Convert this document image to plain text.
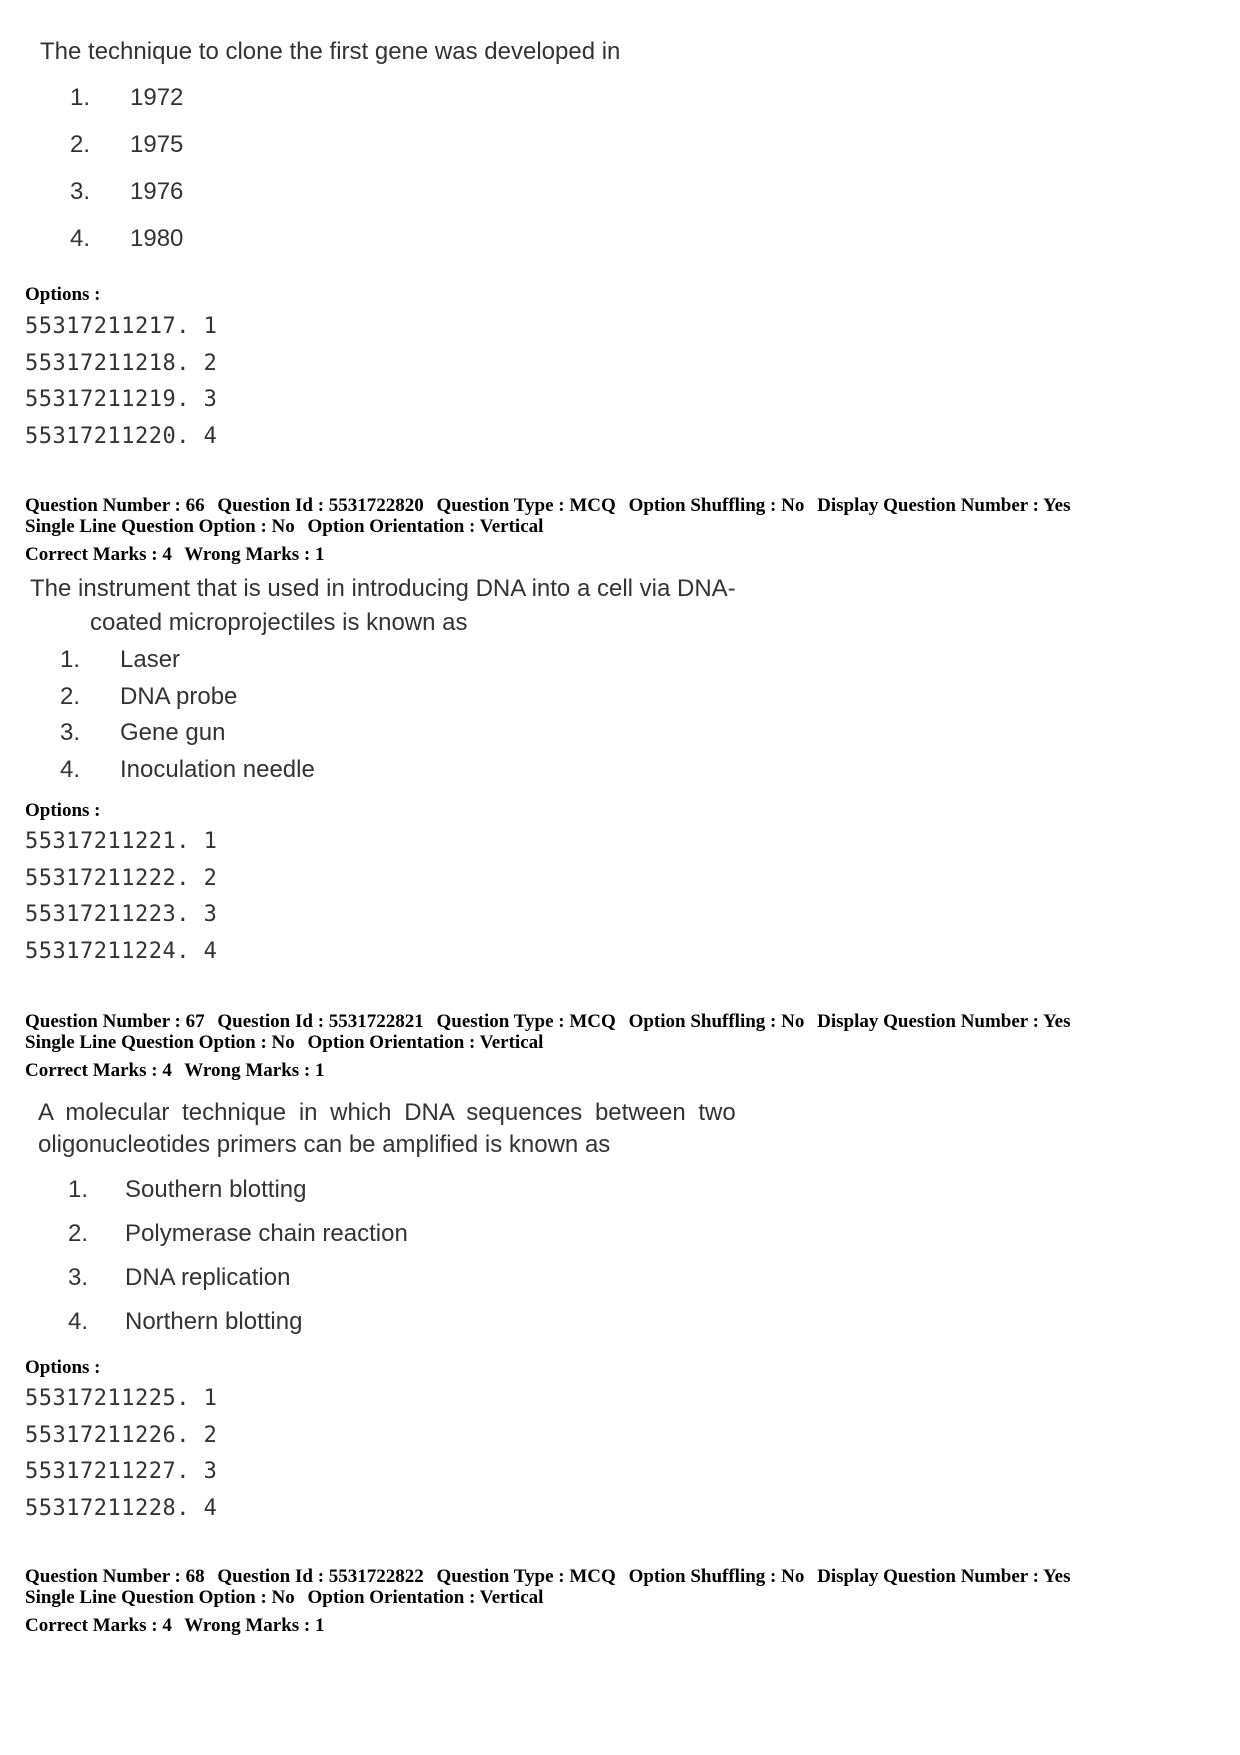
The technique to clone the first gene was developed in
1. 1972
2. 1975
3. 1976
4. 1980
Options :
55317211217. 1
55317211218. 2
55317211219. 3
55317211220. 4
Question Number : 66 Question Id : 5531722820 Question Type : MCQ Option Shuffling : No Display Question Number : Yes
Single Line Question Option : No Option Orientation : Vertical
Correct Marks : 4 Wrong Marks : 1
The instrument that is used in introducing DNA into a cell via DNA-
coated microprojectiles is known as
1. Laser
2. DNA probe
3. Gene gun
4. Inoculation needle
Options :
55317211221. 1
55317211222. 2
55317211223. 3
55317211224. 4
Question Number : 67 Question Id : 5531722821 Question Type : MCQ Option Shuffling : No Display Question Number : Yes
Single Line Question Option : No Option Orientation : Vertical
Correct Marks : 4 Wrong Marks : 1
A molecular technique in which DNA sequences between two
oligonucleotides primers can be amplified is known as
1. Southern blotting
2. Polymerase chain reaction
3. DNA replication
4. Northern blotting
Options :
55317211225. 1
55317211226. 2
55317211227. 3
55317211228. 4
Question Number : 68 Question Id : 5531722822 Question Type : MCQ Option Shuffling : No Display Question Number : Yes
Single Line Question Option : No Option Orientation : Vertical
Correct Marks : 4 Wrong Marks : 1
